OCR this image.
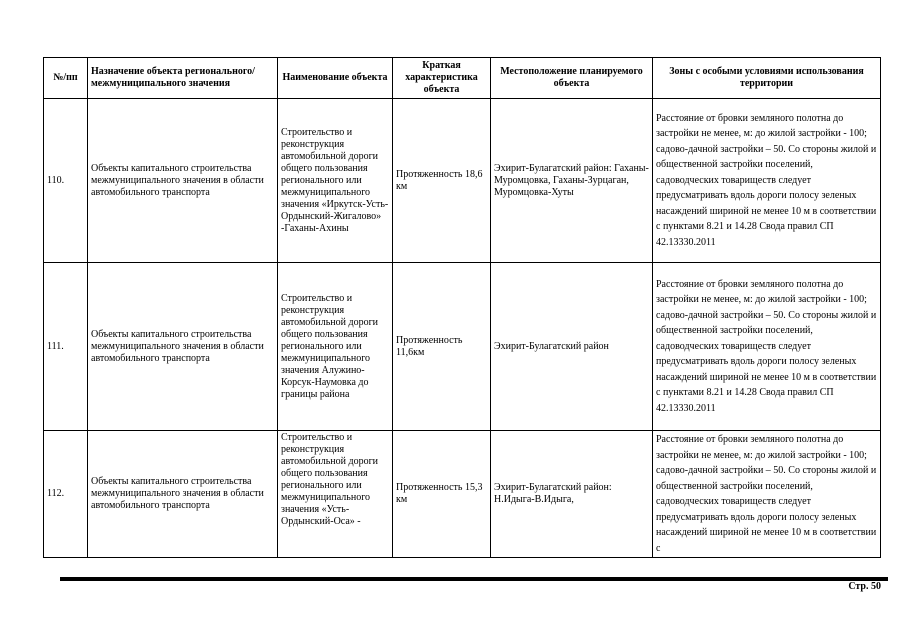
№/пп	Назначение объекта регионального/ межмуниципального значения	Наименование объекта	Краткая характеристика объекта	Местоположение планируемого объекта	Зоны с особыми условиями использования территории
110.	Объекты капитального строительства межмуниципального значения в области автомобильного транспорта	Строительство и реконструкция автомобильной дороги общего пользования регионального или межмуниципального значения «Иркутск-Усть-Ордынский-Жигалово» -Гаханы-Ахины	Протяженность 18,6 км	Эхирит-Булагатский район: Гаханы-Муромцовка, Гаханы-Зурцаган, Муромцовка-Хуты	Расстояние от бровки земляного полотна до застройки не менее, м: до жилой застройки - 100; садово-дачной застройки – 50. Со стороны жилой и общественной застройки поселений, садоводческих товариществ следует предусматривать вдоль дороги полосу зеленых насаждений шириной не менее 10 м в соответствии с пунктами 8.21 и 14.28 Свода правил СП 42.13330.2011
111.	Объекты капитального строительства межмуниципального значения в области автомобильного транспорта	Строительство и реконструкция автомобильной дороги общего пользования регионального или межмуниципального значения Алужино-Корсук-Наумовка до границы района	Протяженность 11,6км	Эхирит-Булагатский район	Расстояние от бровки земляного полотна до застройки не менее, м: до жилой застройки - 100; садово-дачной застройки – 50. Со стороны жилой и общественной застройки поселений, садоводческих товариществ следует предусматривать вдоль дороги полосу зеленых насаждений шириной не менее 10 м в соответствии с пунктами 8.21 и 14.28 Свода правил СП 42.13330.2011
112.	Объекты капитального строительства межмуниципального значения в области автомобильного транспорта	Строительство и реконструкция автомобильной дороги общего пользования регионального или межмуниципального значения «Усть-Ордынский-Оса» -	Протяженность 15,3 км	Эхирит-Булагатский район: Н.Идыга-В.Идыга,	Расстояние от бровки земляного полотна до застройки не менее, м: до жилой застройки - 100; садово-дачной застройки – 50. Со стороны жилой и общественной застройки поселений, садоводческих товариществ следует предусматривать вдоль дороги полосу зеленых насаждений шириной не менее 10 м в соответствии с
Стр. 50
